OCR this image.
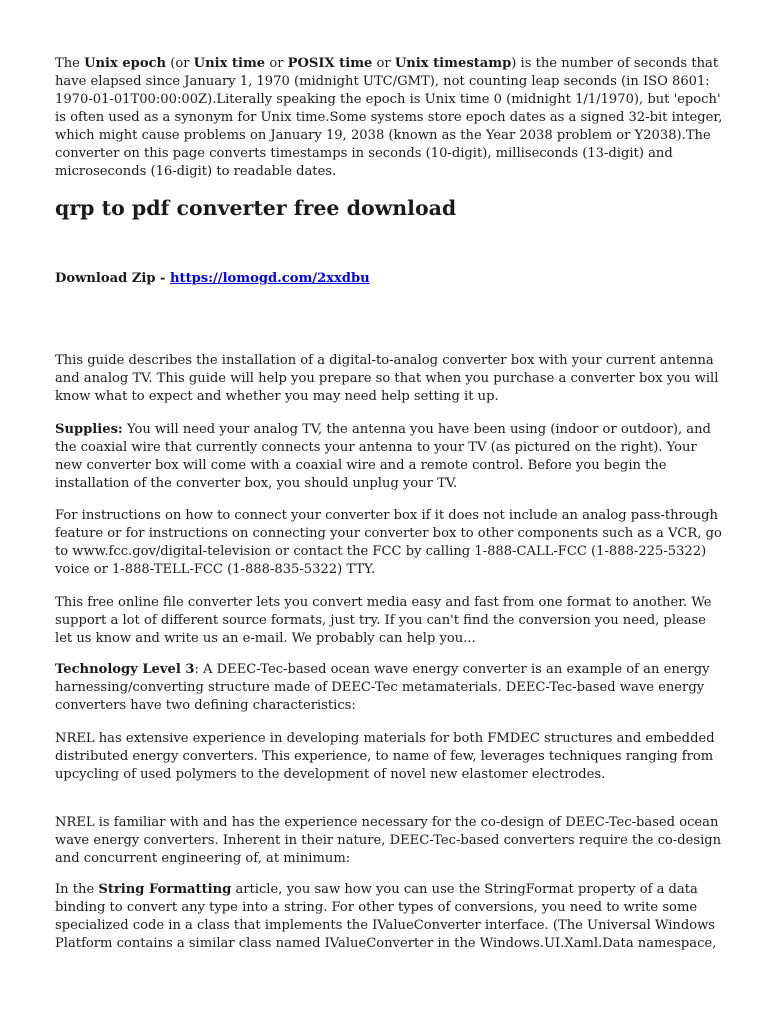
The Unix epoch (or Unix time or POSIX time or Unix timestamp) is the number of seconds that have elapsed since January 1, 1970 (midnight UTC/GMT), not counting leap seconds (in ISO 8601: 1970-01-01T00:00:00Z).Literally speaking the epoch is Unix time 0 (midnight 1/1/1970), but 'epoch' is often used as a synonym for Unix time.Some systems store epoch dates as a signed 32-bit integer, which might cause problems on January 19, 2038 (known as the Year 2038 problem or Y2038).The converter on this page converts timestamps in seconds (10-digit), milliseconds (13-digit) and microseconds (16-digit) to readable dates.

qrp to pdf converter free download

Download Zip - https://lomogd.com/2xxdbu

This guide describes the installation of a digital-to-analog converter box with your current antenna and analog TV. This guide will help you prepare so that when you purchase a converter box you will know what to expect and whether you may need help setting it up.

Supplies: You will need your analog TV, the antenna you have been using (indoor or outdoor), and the coaxial wire that currently connects your antenna to your TV (as pictured on the right). Your new converter box will come with a coaxial wire and a remote control. Before you begin the installation of the converter box, you should unplug your TV.

For instructions on how to connect your converter box if it does not include an analog pass-through feature or for instructions on connecting your converter box to other components such as a VCR, go to www.fcc.gov/digital-television or contact the FCC by calling 1-888-CALL-FCC (1-888-225-5322) voice or 1-888-TELL-FCC (1-888-835-5322) TTY.

This free online file converter lets you convert media easy and fast from one format to another. We support a lot of different source formats, just try. If you can't find the conversion you need, please let us know and write us an e-mail. We probably can help you...

Technology Level 3: A DEEC-Tec-based ocean wave energy converter is an example of an energy harnessing/converting structure made of DEEC-Tec metamaterials. DEEC-Tec-based wave energy converters have two defining characteristics:

NREL has extensive experience in developing materials for both FMDEC structures and embedded distributed energy converters. This experience, to name of few, leverages techniques ranging from upcycling of used polymers to the development of novel new elastomer electrodes.

NREL is familiar with and has the experience necessary for the co-design of DEEC-Tec-based ocean wave energy converters. Inherent in their nature, DEEC-Tec-based converters require the co-design and concurrent engineering of, at minimum:

In the String Formatting article, you saw how you can use the StringFormat property of a data binding to convert any type into a string. For other types of conversions, you need to write some specialized code in a class that implements the IValueConverter interface. (The Universal Windows Platform contains a similar class named IValueConverter in the Windows.UI.Xaml.Data namespace,
